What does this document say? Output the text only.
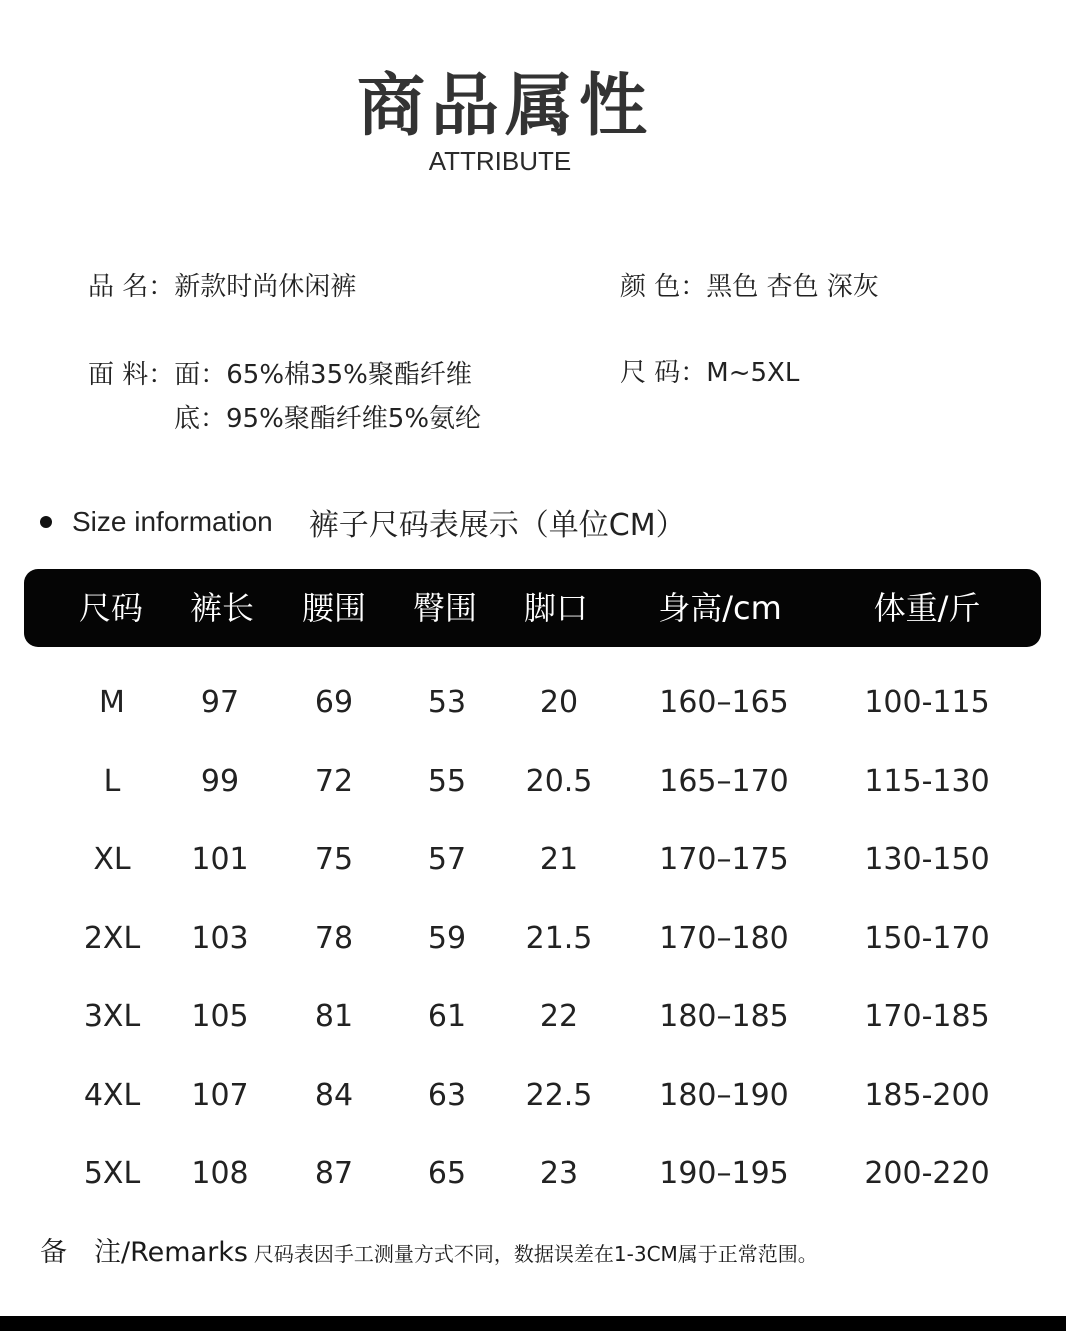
商品属性
ATTRIBUTE
品 名：新款时尚休闲裤	颜 色：黑色 杏色 深灰
面 料：面：65%棉35%聚酯纤维
底：95%聚酯纤维5%氨纶
尺 码：M~5XL
Size information 裤子尺码表展示（单位CM）
尺码 裤长 腰围 臀围 脚口 身高/cm	体重/斤
M	97	69 53 20	160–165	100-115
L	99	72 55 20.5 165–170	115-130
XL 101 75 57 21	170–175	130-150
2XL 103 78 59 21.5 170–180	150-170
3XL 105 81 61 22	180–185	170-185
4XL 107 84 63 22.5 180–190	185-200
5XL 108 87 65 23	190–195	200-220
备　注/Remarks 尺码表因手工测量方式不同，数据误差在1-3CM属于正常范围。
